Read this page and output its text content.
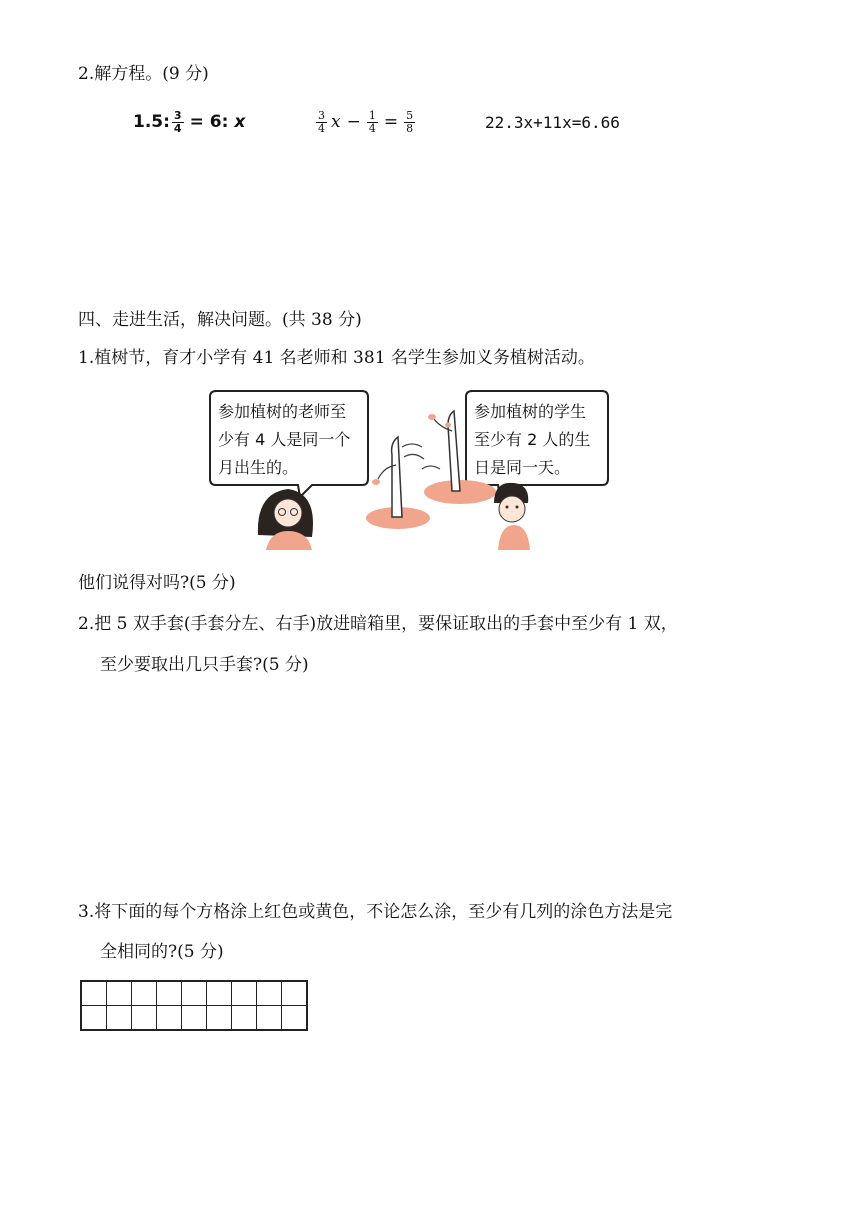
2.解方程。(9 分)
1.5: $\frac{3}{4} = 6$: x	$\frac{3}{4}$ $x - \frac{1}{4} = \frac{5}{8}$	22.3x+11x=6.66
四、走进生活，解决问题。(共 38 分)
1.植树节，育才小学有 41 名老师和 381 名学生参加义务植树活动。
参加植树的老师至
少有 4 人是同一个
月出生的。
参加植树的学生
至少有 2 人的生
日是同一天。
他们说得对吗?(5 分)
2.把 5 双手套(手套分左、右手)放进暗箱里，要保证取出的手套中至少有 1 双，
至少要取出几只手套?(5 分)
3.将下面的每个方格涂上红色或黄色，不论怎么涂，至少有几列的涂色方法是完
全相同的?(5 分)
